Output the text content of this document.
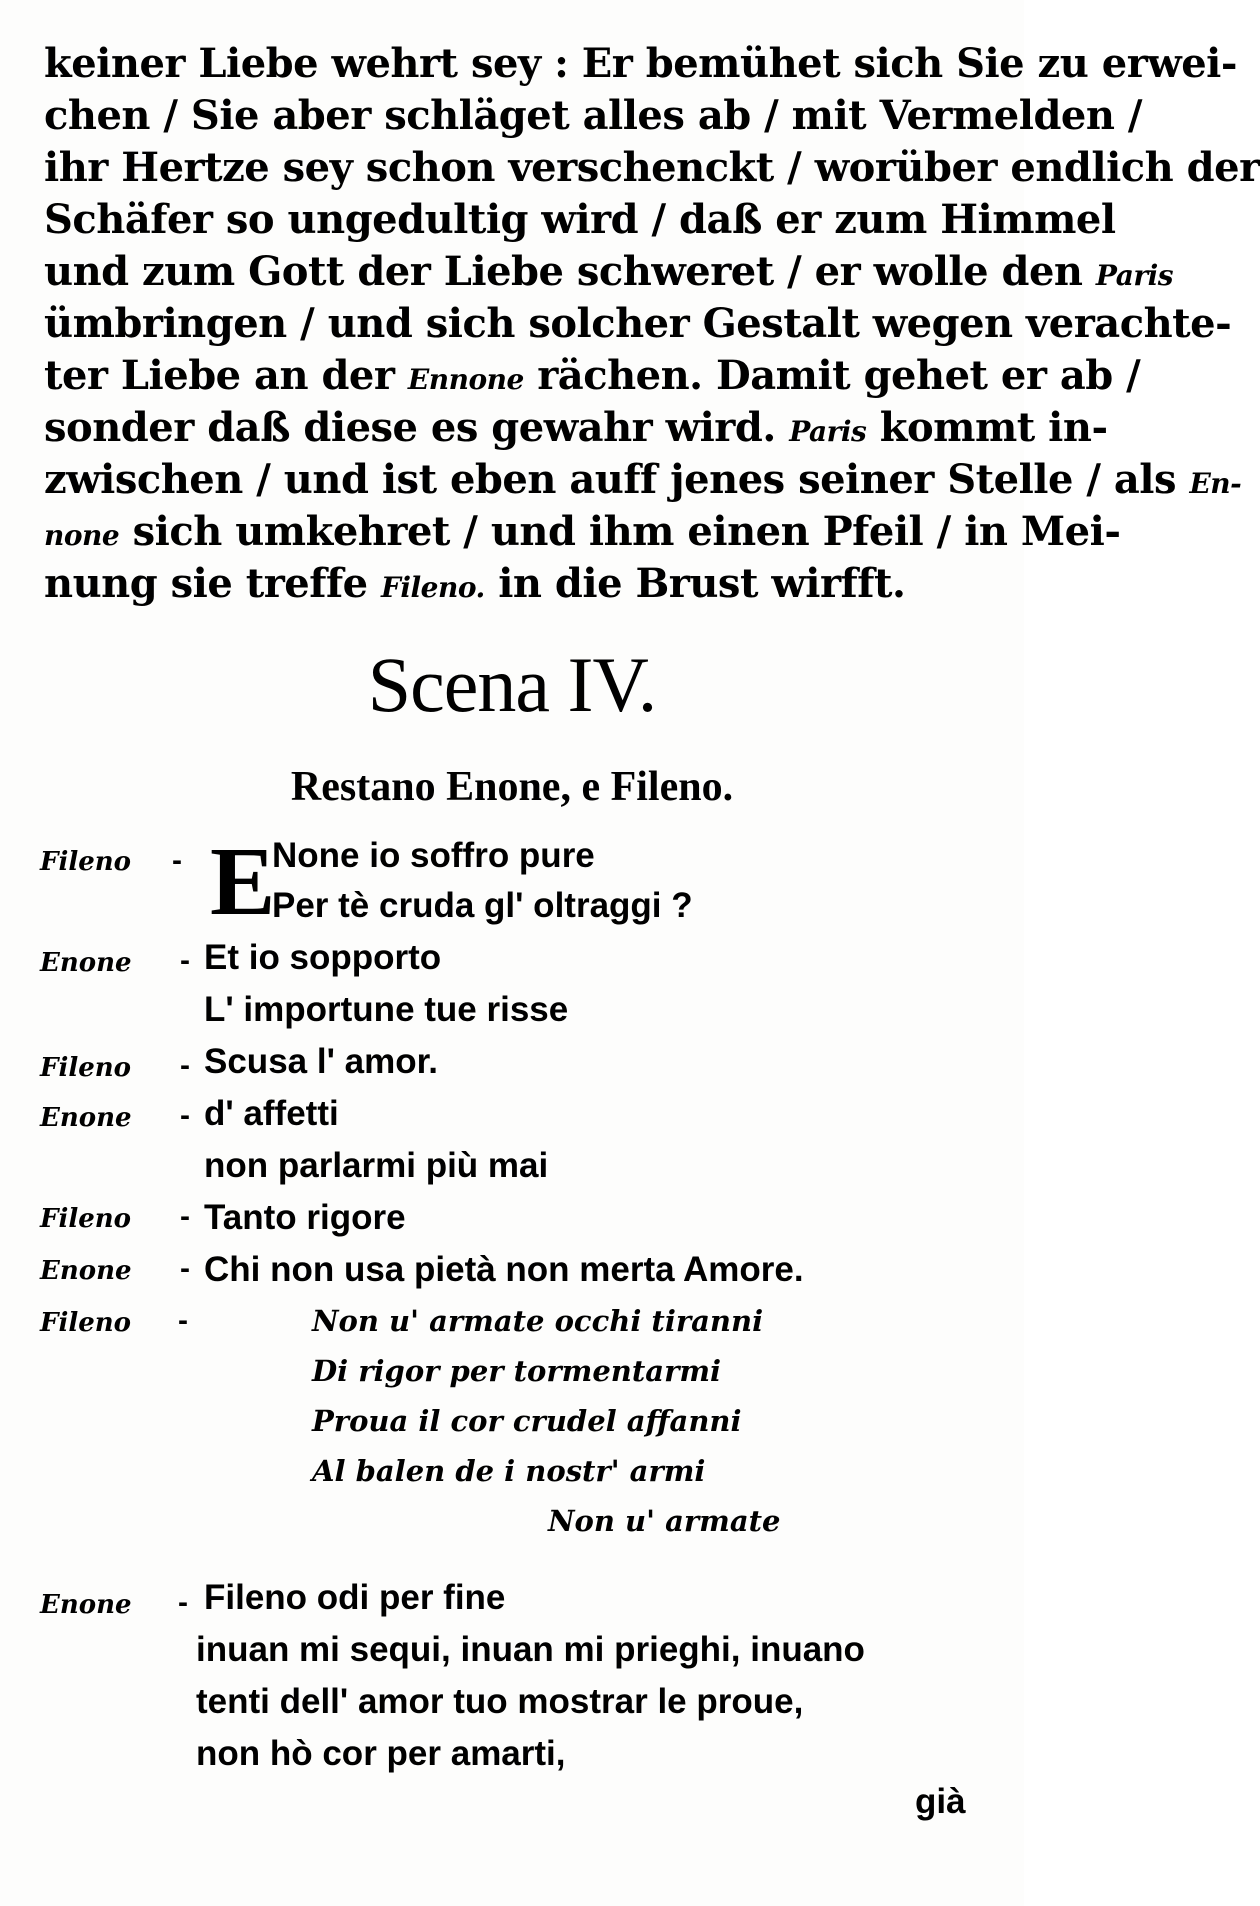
keiner Liebe wehrt sey : Er bemühet sich Sie zu erwei-
chen / Sie aber schläget alles ab / mit Vermelden /
ihr Hertze sey schon verschenckt / worüber endlich der
Schäfer so ungedultig wird / daß er zum Himmel
und zum Gott der Liebe schweret / er wolle den Paris
ümbringen / und sich solcher Gestalt wegen verachte-
ter Liebe an der Ennone rächen. Damit gehet er ab /
sonder daß diese es gewahr wird. Paris kommt in-
zwischen / und ist eben auff jenes seiner Stelle / als En-
none sich umkehret / und ihm einen Pfeil / in Mei-
nung sie treffe Fileno. in die Brust wirfft.
Scena IV.
Restano Enone, e Fileno.
Fileno
Enone
Fileno
Enone
Fileno
Enone
Fileno
Enone
-
-
-
-
-
-
-
-
E
None io soffro pure
Per tè cruda gl' oltraggi ?
Et io sopporto
L' importune tue risse
Scusa l' amor.
d' affetti
non parlarmi più mai
Tanto rigore
Chi non usa pietà non merta Amore.
Non u' armate occhi tiranni
Di rigor per tormentarmi
Proua il cor crudel affanni
Al balen de i nostr' armi
Non u' armate
Fileno odi per fine
inuan mi sequi, inuan mi prieghi, inuano
tenti dell' amor tuo mostrar le proue,
non hò cor per amarti,
già
